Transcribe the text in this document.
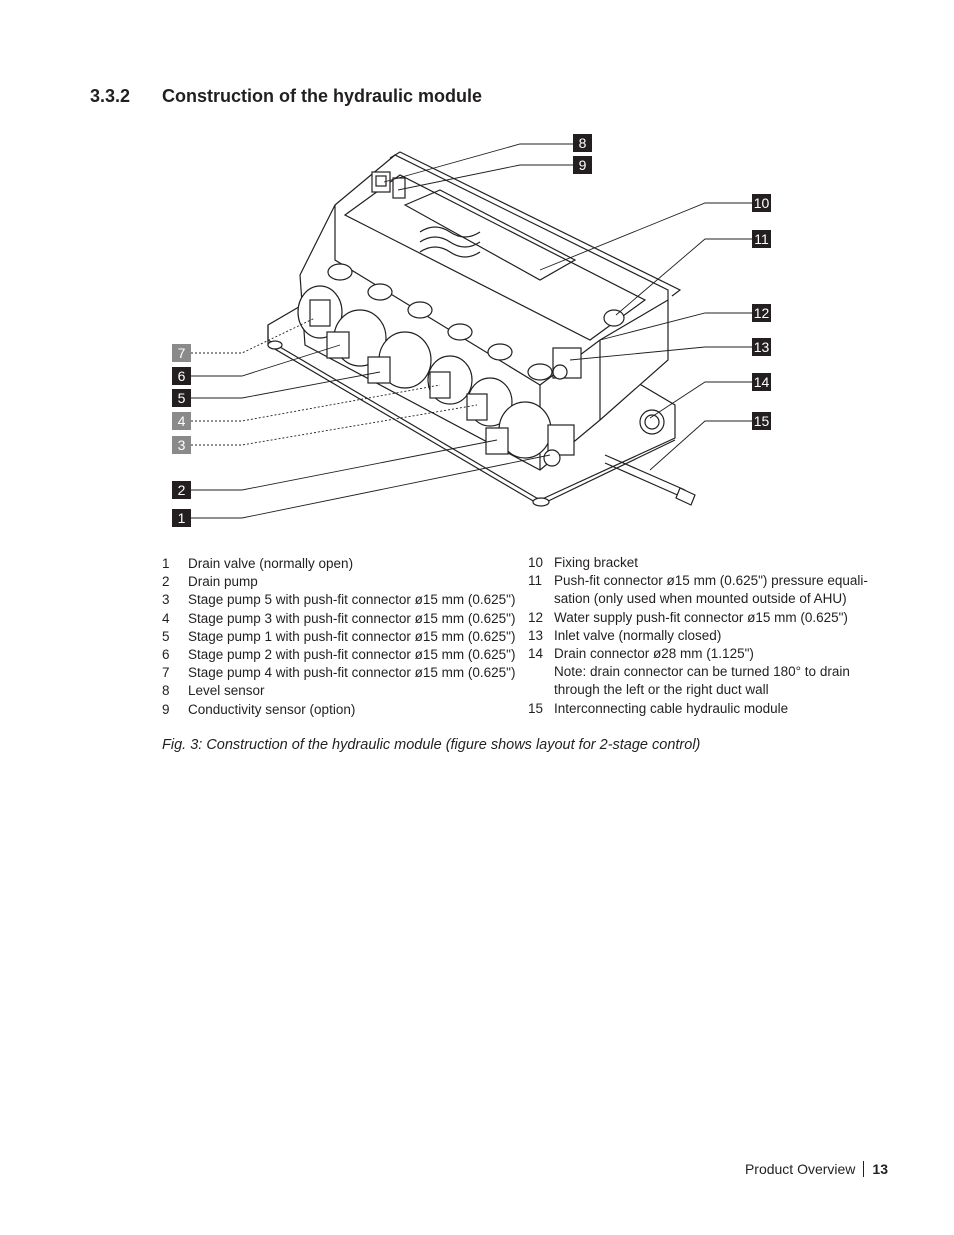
3.3.2 Construction of the hydraulic module
8
9
10
11
12
13
14
15
7
6
5
4
3
2
1
1 Drain valve (normally open)
2 Drain pump
3 Stage pump 5 with push-fit connector ø15 mm (0.625")
4 Stage pump 3 with push-fit connector ø15 mm (0.625")
5 Stage pump 1 with push-fit connector ø15 mm (0.625")
6 Stage pump 2 with push-fit connector ø15 mm (0.625")
7 Stage pump 4 with push-fit connector ø15 mm (0.625")
8 Level sensor
9 Conductivity sensor (option)
10 Fixing bracket
11 Push-fit connector ø15 mm (0.625") pressure equali-
sation (only used when mounted outside of AHU)
12 Water supply push-fit connector ø15 mm (0.625")
13 Inlet valve (normally closed)
14 Drain connector ø28 mm (1.125")
Note: drain connector can be turned 180° to drain
through the left or the right duct wall
15 Interconnecting cable hydraulic module
Fig. 3: Construction of the hydraulic module (figure shows layout for 2-stage control)
Product Overview 13
